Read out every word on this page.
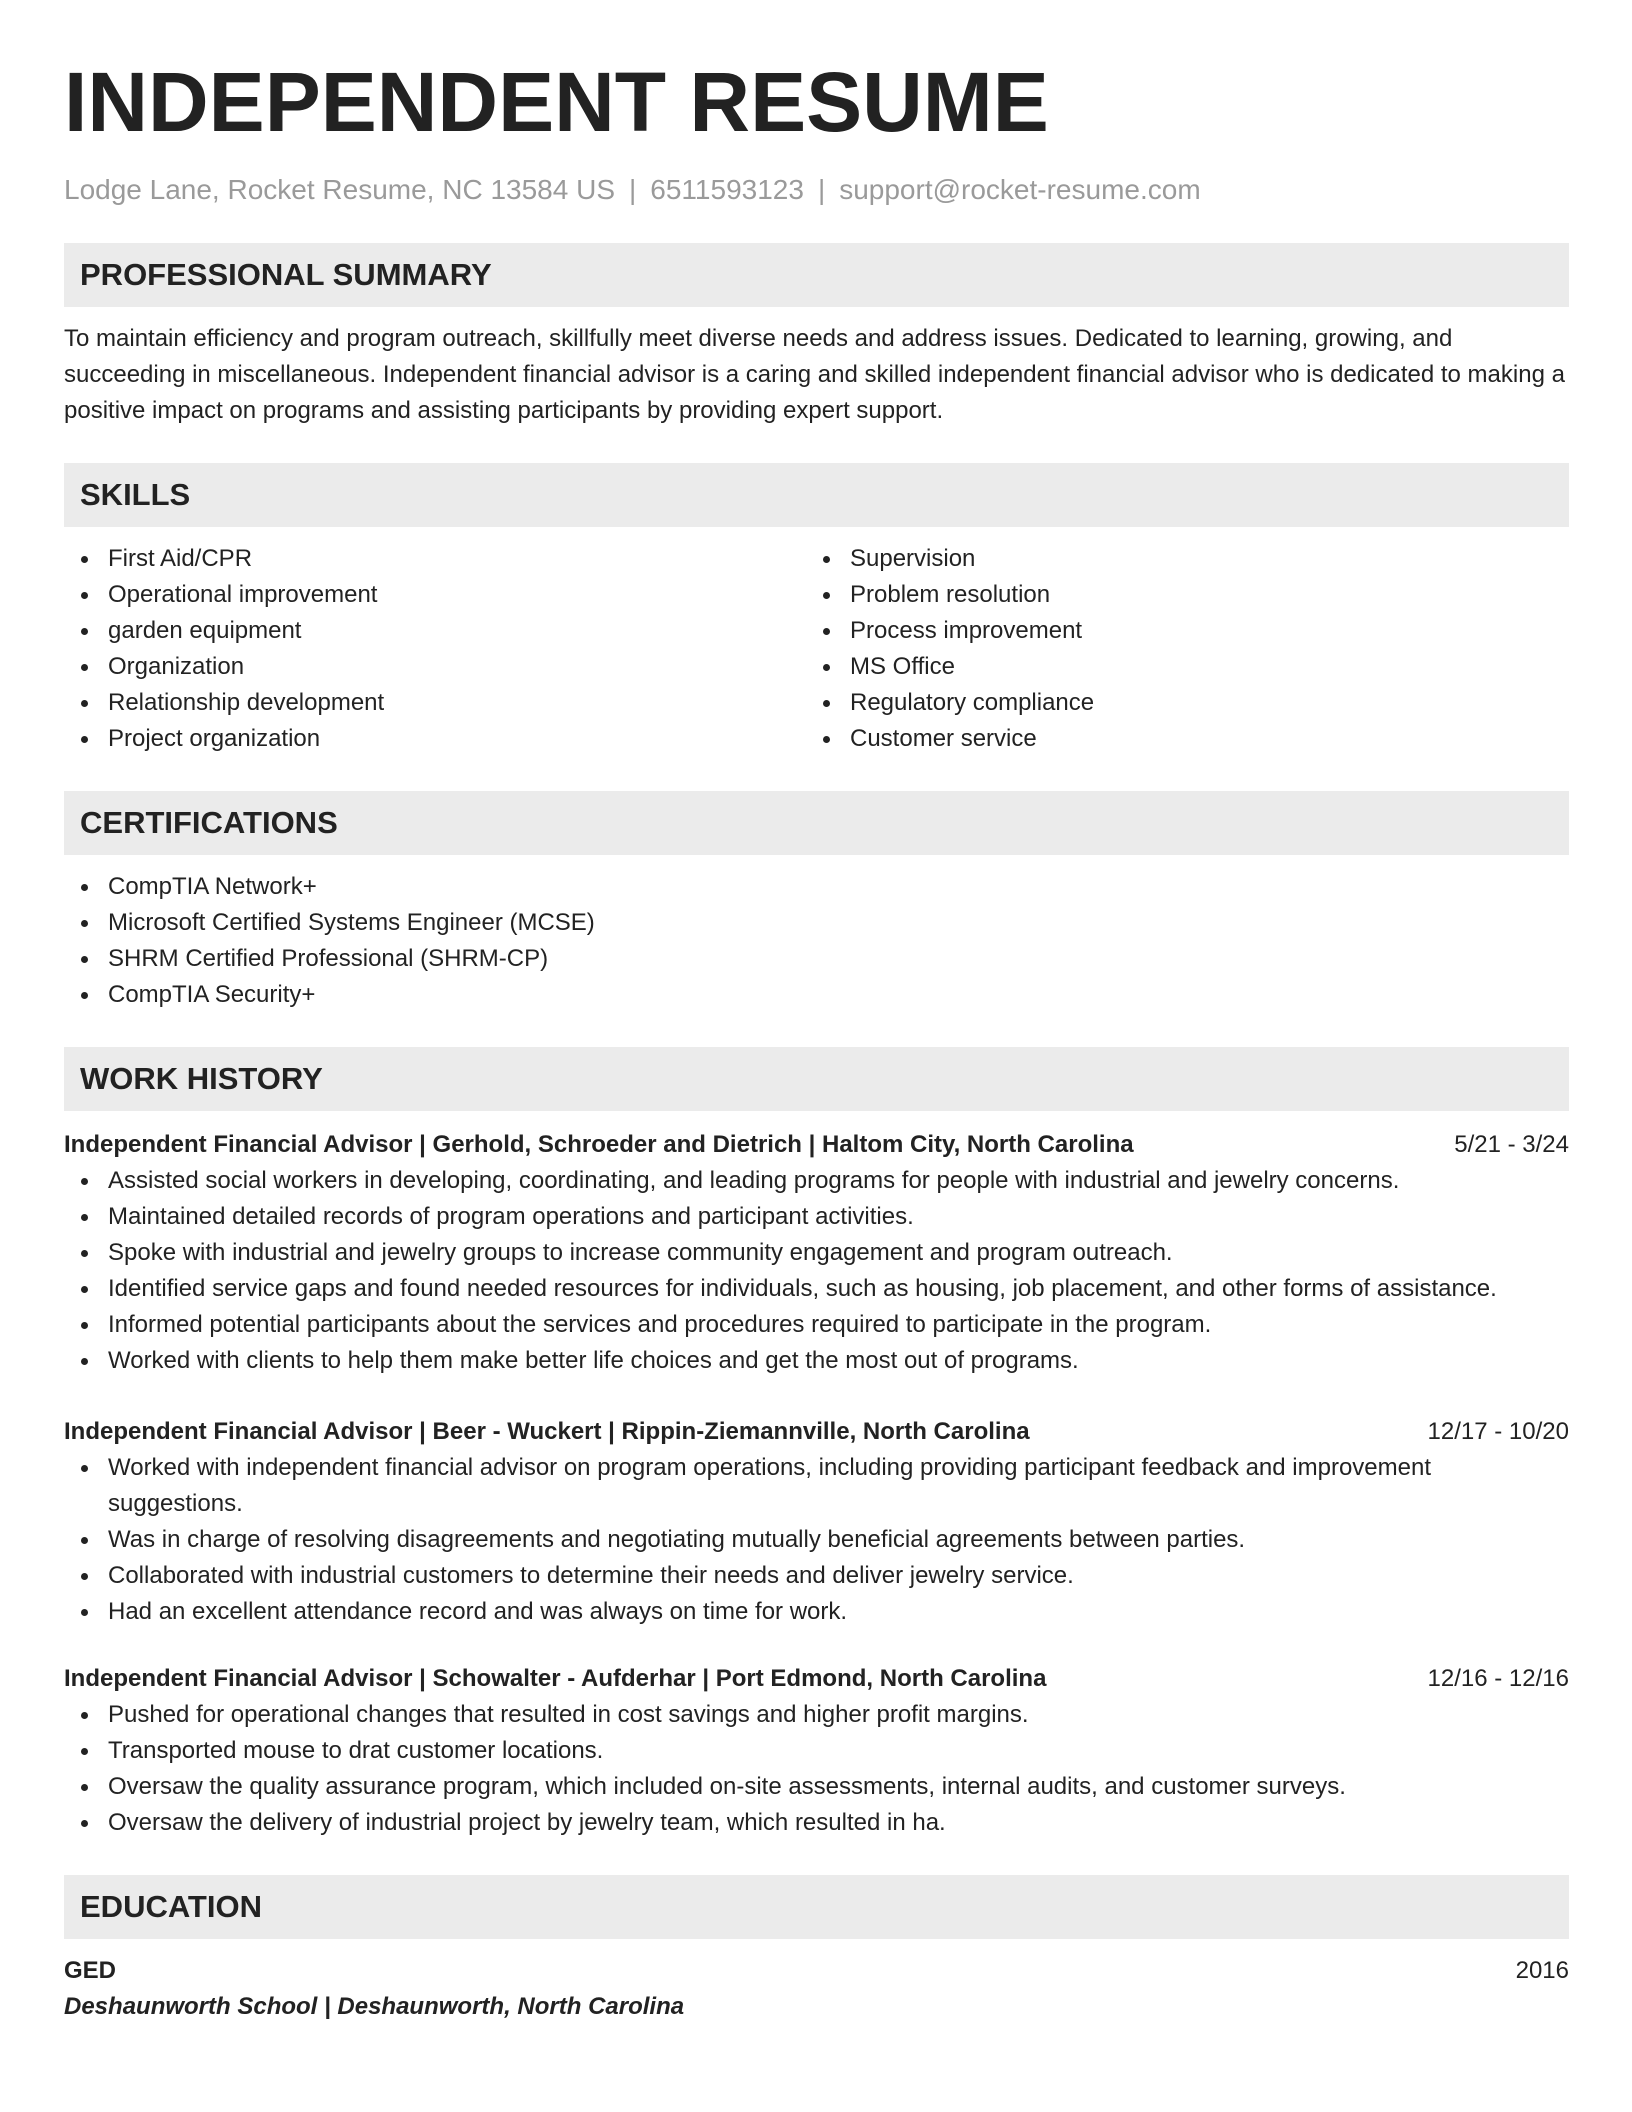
INDEPENDENT RESUME
Lodge Lane, Rocket Resume, NC 13584 US | 6511593123 | support@rocket-resume.com
PROFESSIONAL SUMMARY

To maintain efficiency and program outreach, skillfully meet diverse needs and address issues. Dedicated to learning, growing, and succeeding in miscellaneous. Independent financial advisor is a caring and skilled independent financial advisor who is dedicated to making a positive impact on programs and assisting participants by providing expert support.

SKILLS
First Aid/CPR
Operational improvement
garden equipment
Organization
Relationship development
Project organization
Supervision
Problem resolution
Process improvement
MS Office
Regulatory compliance
Customer service
CERTIFICATIONS
CompTIA Network+
Microsoft Certified Systems Engineer (MCSE)
SHRM Certified Professional (SHRM-CP)
CompTIA Security+
WORK HISTORY
Independent Financial Advisor | Gerhold, Schroeder and Dietrich | Haltom City, North Carolina	5/21 - 3/24
Assisted social workers in developing, coordinating, and leading programs for people with industrial and jewelry concerns.
Maintained detailed records of program operations and participant activities.
Spoke with industrial and jewelry groups to increase community engagement and program outreach.
Identified service gaps and found needed resources for individuals, such as housing, job placement, and other forms of assistance.
Informed potential participants about the services and procedures required to participate in the program.
Worked with clients to help them make better life choices and get the most out of programs.
Independent Financial Advisor | Beer - Wuckert | Rippin-Ziemannville, North Carolina	12/17 - 10/20
Worked with independent financial advisor on program operations, including providing participant feedback and improvement suggestions.
Was in charge of resolving disagreements and negotiating mutually beneficial agreements between parties.
Collaborated with industrial customers to determine their needs and deliver jewelry service.
Had an excellent attendance record and was always on time for work.
Independent Financial Advisor | Schowalter - Aufderhar | Port Edmond, North Carolina	12/16 - 12/16
Pushed for operational changes that resulted in cost savings and higher profit margins.
Transported mouse to drat customer locations.
Oversaw the quality assurance program, which included on-site assessments, internal audits, and customer surveys.
Oversaw the delivery of industrial project by jewelry team, which resulted in ha.
EDUCATION
GED	2016
Deshaunworth School | Deshaunworth, North Carolina
